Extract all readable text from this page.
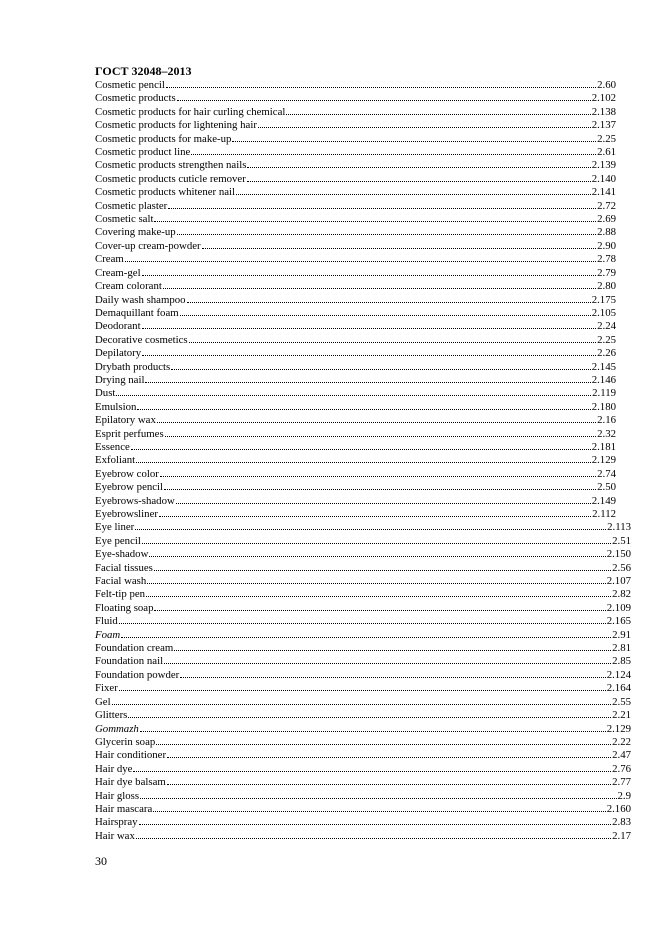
ГОСТ 32048–2013
Cosmetic pencil	2.60
Cosmetic products	2.102
Cosmetic products for hair curling chemical	2.138
Cosmetic products for lightening hair	2.137
Cosmetic products for make-up	2.25
Cosmetic product line	2.61
Cosmetic products strengthen nails	2.139
Cosmetic products cuticle remover	2.140
Cosmetic products whitener nail	2.141
Cosmetic plaster	2.72
Cosmetic salt	2.69
Covering make-up	2.88
Cover-up cream-powder	2.90
Cream	2.78
Cream-gel	2.79
Cream colorant	2.80
Daily wash shampoo	2.175
Demaquillant foam	2.105
Deodorant	2.24
Decorative cosmetics	2.25
Depilatory	2.26
Drybath products	2.145
Drying nail	2.146
Dust	2.119
Emulsion	2.180
Epilatory wax	2.16
Esprit perfumes	2.32
Essence	2.181
Exfoliant	2.129
Eyebrow color	2.74
Eyebrow pencil	2.50
Eyebrows-shadow	2.149
Eyebrowsliner	2.112
Eye liner	2.113
Eye pencil	2.51
Eye-shadow	2.150
Facial tissues	2.56
Facial wash	2.107
Felt-tip pen	2.82
Floating soap	2.109
Fluid	2.165
Foam	2.91
Foundation cream	2.81
Foundation nail	2.85
Foundation powder	2.124
Fixer	2.164
Gel	2.55
Glitters	2.21
Gommazh	2.129
Glycerin soap	2.22
Hair conditioner	2.47
Hair dye	2.76
Hair dye balsam	2.77
Hair gloss	2.9
Hair mascara	2.160
Hairspray	2.83
Hair wax	2.17
30
